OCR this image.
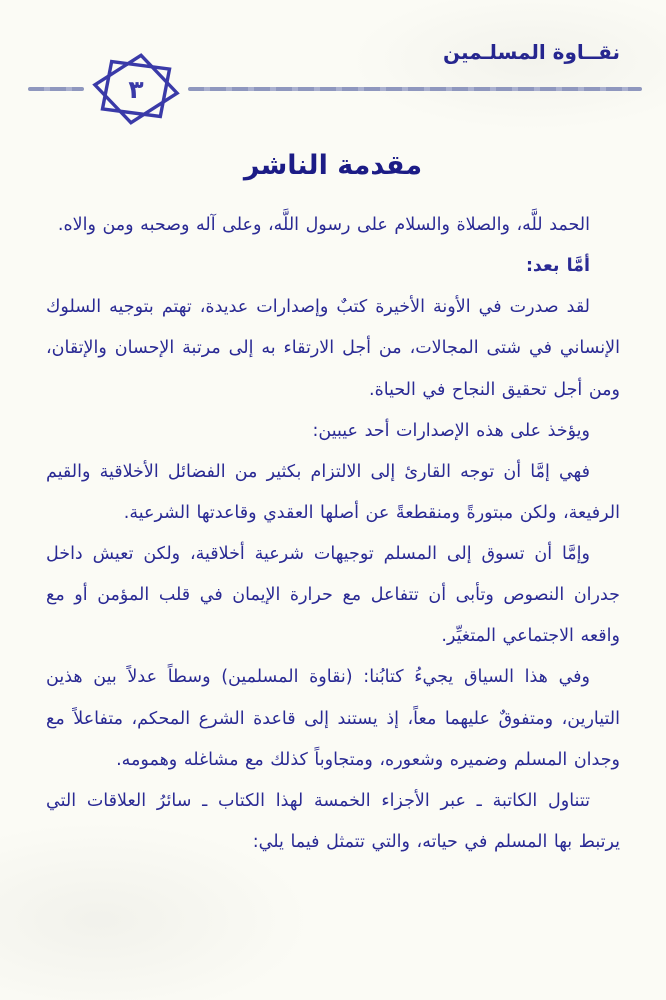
نقــاوة المسلـمين
٣
مقدمة الناشر

الحمد للَّه، والصلاة والسلام على رسول اللَّه، وعلى آله وصحبه ومن والاه.

أمَّا بعد:

لقد صدرت في الأونة الأخيرة كتبٌ وإصدارات عديدة، تهتم بتوجيه السلوك الإنساني في شتى المجالات، من أجل الارتقاء به إلى مرتبة الإحسان والإتقان، ومن أجل تحقيق النجاح في الحياة.

ويؤخذ على هذه الإصدارات أحد عيبين:

فهي إمَّا أن توجه القارئ إلى الالتزام بكثير من الفضائل الأخلاقية والقيم الرفيعة، ولكن مبتورةً ومنقطعةً عن أصلها العقدي وقاعدتها الشرعية.

وإمَّا أن تسوق إلى المسلم توجيهات شرعية أخلاقية، ولكن تعيش داخل جدران النصوص وتأبى أن تتفاعل مع حرارة الإيمان في قلب المؤمن أو مع واقعه الاجتماعي المتغيِّر.

وفي هذا السياق يجيءُ كتابُنا: (نقاوة المسلمين) وسطاً عدلاً بين هذين التيارين، ومتفوقٌ عليهما معاً، إذ يستند إلى قاعدة الشرع المحكم، متفاعلاً مع وجدان المسلم وضميره وشعوره، ومتجاوباً كذلك مع مشاغله وهمومه.

تتناول الكاتبة ـ عبر الأجزاء الخمسة لهذا الكتاب ـ سائرُ العلاقات التي يرتبط بها المسلم في حياته، والتي تتمثل فيما يلي:
